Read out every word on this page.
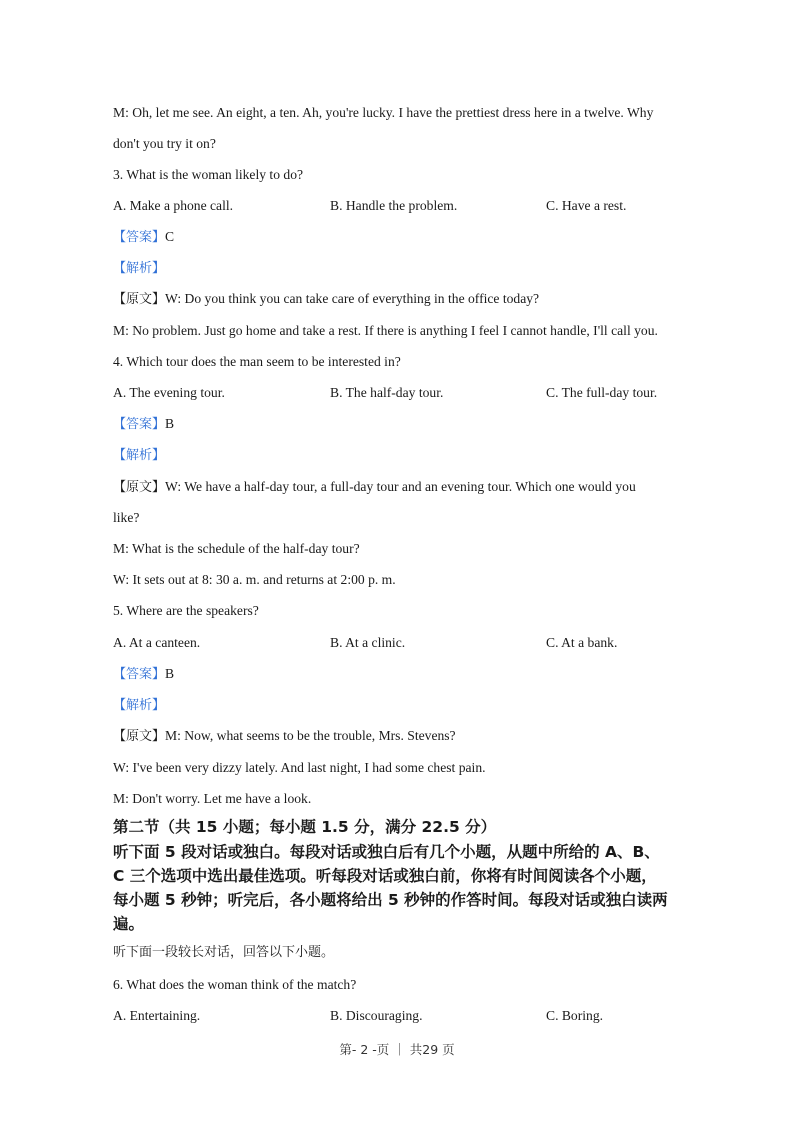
M: Oh, let me see. An eight, a ten. Ah, you're lucky. I have the prettiest dress here in a twelve. Why
don't you try it on?
3. What is the woman likely to do?
A. Make a phone call.	B. Handle the problem.	C. Have a rest.
【答案】C
【解析】
【原文】W: Do you think you can take care of everything in the office today?
M: No problem. Just go home and take a rest. If there is anything I feel I cannot handle, I'll call you.
4. Which tour does the man seem to be interested in?
A. The evening tour.	B. The half-day tour.	C. The full-day tour.
【答案】B
【解析】
【原文】W: We have a half-day tour, a full-day tour and an evening tour. Which one would you
like?
M: What is the schedule of the half-day tour?
W: It sets out at 8: 30 a. m. and returns at 2:00 p. m.
5. Where are the speakers?
A. At a canteen.	B. At a clinic.	C. At a bank.
【答案】B
【解析】
【原文】M: Now, what seems to be the trouble, Mrs. Stevens?
W: I've been very dizzy lately. And last night, I had some chest pain.
M: Don't worry. Let me have a look.
第二节（共 15 小题；每小题 1.5 分，满分 22.5 分）
听下面 5 段对话或独白。每段对话或独白后有几个小题，从题中所给的 A、B、
C 三个选项中选出最佳选项。听每段对话或独白前，你将有时间阅读各个小题，
每小题 5 秒钟；听完后，各小题将给出 5 秒钟的作答时间。每段对话或独白读两
遍。
听下面一段较长对话，回答以下小题。
6. What does the woman think of the match?
A. Entertaining.	B. Discouraging.	C. Boring.
第- 2 -页 ｜ 共29 页
